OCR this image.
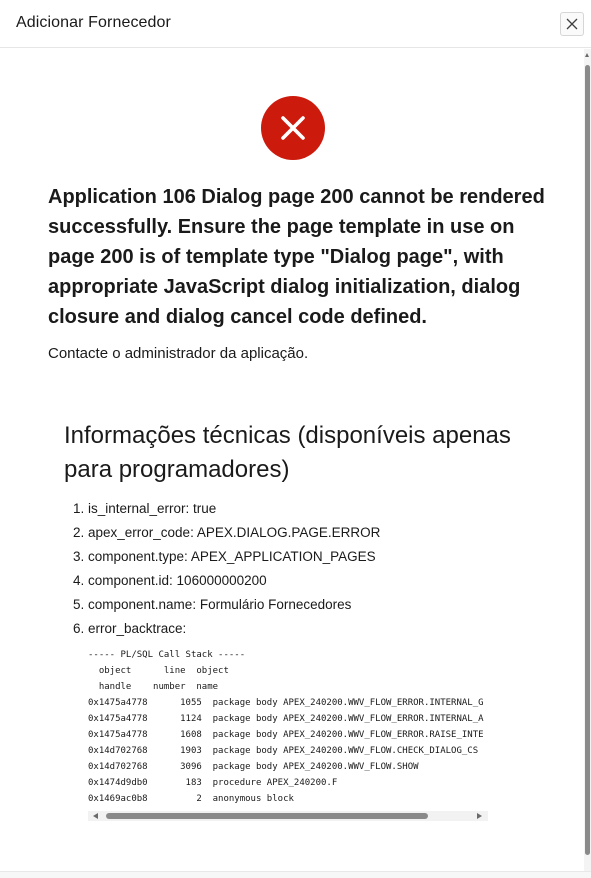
Adicionar Fornecedor

Application 106 Dialog page 200 cannot be rendered successfully. Ensure the page template in use on page 200 is of template type "Dialog page", with appropriate JavaScript dialog initialization, dialog closure and dialog cancel code defined.

Contacte o administrador da aplicação.
Informações técnicas (disponíveis apenas para programadores)
1. is_internal_error: true
2. apex_error_code: APEX.DIALOG.PAGE.ERROR
3. component.type: APEX_APPLICATION_PAGES
4. component.id: 106000000200
5. component.name: Formulário Fornecedores
6. error_backtrace:
----- PL/SQL Call Stack -----
object      line  object
handle    number  name
0x1475a4778      1055  package body APEX_240200.WWV_FLOW_ERROR.INTERNAL_G
0x1475a4778      1124  package body APEX_240200.WWV_FLOW_ERROR.INTERNAL_A
0x1475a4778      1608  package body APEX_240200.WWV_FLOW_ERROR.RAISE_INTE
0x14d702768      1903  package body APEX_240200.WWV_FLOW.CHECK_DIALOG_CS
0x14d702768      3096  package body APEX_240200.WWV_FLOW.SHOW
0x1474d9db0       183  procedure APEX_240200.F
0x1469ac0b8         2  anonymous block
